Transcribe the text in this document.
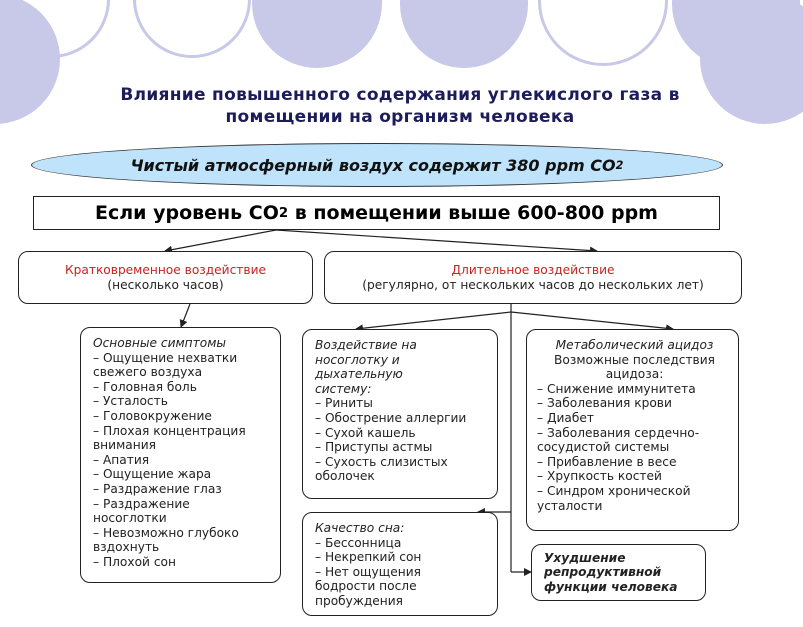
Влияние повышенного содержания углекислого газа в
помещении на организм человека
Чистый атмосферный воздух содержит 380 ppm CO 2
Если уровень CO 2 в помещении выше 600-800 ppm
Кратковременное воздействие
(несколько часов)
Длительное воздействие
(регулярно, от нескольких часов до нескольких лет)
Основные симптомы
– Ощущение нехватки
свежего воздуха
– Головная боль
– Усталость
– Головокружение
– Плохая концентрация
внимания
– Апатия
– Ощущение жара
– Раздражение глаз
– Раздражение
носоглотки
– Невозможно глубоко
вздохнуть
– Плохой сон
Воздействие на
носоглотку и
дыхательную
систему:
– Риниты
– Обострение аллергии
– Сухой кашель
– Приступы астмы
– Сухость слизистых
оболочек
Метаболический ацидоз
Возможные последствия
ацидоза:
– Снижение иммунитета
– Заболевания крови
– Диабет
– Заболевания сердечно-
сосудистой системы
– Прибавление в весе
– Хрупкость костей
– Синдром хронической
усталости
Качество сна:
– Бессонница
– Некрепкий сон
– Нет ощущения
бодрости после
пробуждения
Ухудшение
репродуктивной
функции человека
